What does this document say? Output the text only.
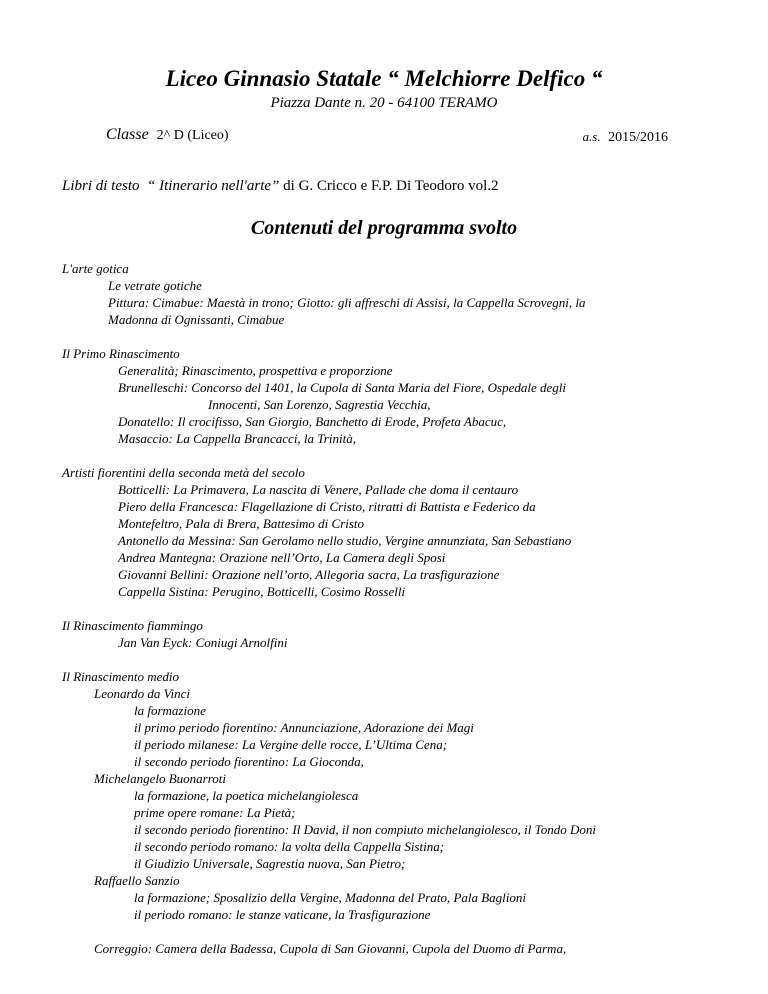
Liceo Ginnasio Statale “ Melchiorre Delfico “
Piazza Dante n. 20 - 64100 TERAMO
Classe 2^ D (Liceo)	a.s. 2015/2016
Libri di testo “ Itinerario nell'arte” di G. Cricco e F.P. Di Teodoro vol.2
Contenuti del programma svolto
L'arte gotica
Le vetrate gotiche
Pittura: Cimabue: Maestà in trono; Giotto: gli affreschi di Assisi, la Cappella Scrovegni, la
Madonna di Ognissanti, Cimabue
Il Primo Rinascimento
Generalità; Rinascimento, prospettiva e proporzione
Brunelleschi: Concorso del 1401, la Cupola di Santa Maria del Fiore, Ospedale degli
Innocenti, San Lorenzo, Sagrestia Vecchia,
Donatello: Il crocifisso, San Giorgio, Banchetto di Erode, Profeta Abacuc,
Masaccio: La Cappella Brancacci, la Trinità,
Artisti fiorentini della seconda metà del secolo
Botticelli: La Primavera, La nascita di Venere, Pallade che doma il centauro
Piero della Francesca: Flagellazione di Cristo, ritratti di Battista e Federico da
Montefeltro, Pala di Brera, Battesimo di Cristo
Antonello da Messina: San Gerolamo nello studio, Vergine annunziata, San Sebastiano
Andrea Mantegna: Orazione nell’Orto, La Camera degli Sposi
Giovanni Bellini: Orazione nell’orto, Allegoria sacra, La trasfigurazione
Cappella Sistina: Perugino, Botticelli, Cosimo Rosselli
Il Rinascimento fiammingo
Jan Van Eyck: Coniugi Arnolfini
Il Rinascimento medio
Leonardo da Vinci
la formazione
il primo periodo fiorentino: Annunciazione, Adorazione dei Magi
il periodo milanese: La Vergine delle rocce, L’Ultima Cena;
il secondo periodo fiorentino: La Gioconda,
Michelangelo Buonarroti
la formazione, la poetica michelangiolesca
prime opere romane: La Pietà;
il secondo periodo fiorentino: Il David, il non compiuto michelangiolesco, il Tondo Doni
il secondo periodo romano: la volta della Cappella Sistina;
il Giudizio Universale, Sagrestia nuova, San Pietro;
Raffaello Sanzio
la formazione; Sposalizio della Vergine, Madonna del Prato, Pala Baglioni
il periodo romano: le stanze vaticane, la Trasfigurazione
Correggio: Camera della Badessa, Cupola di San Giovanni, Cupola del Duomo di Parma,
